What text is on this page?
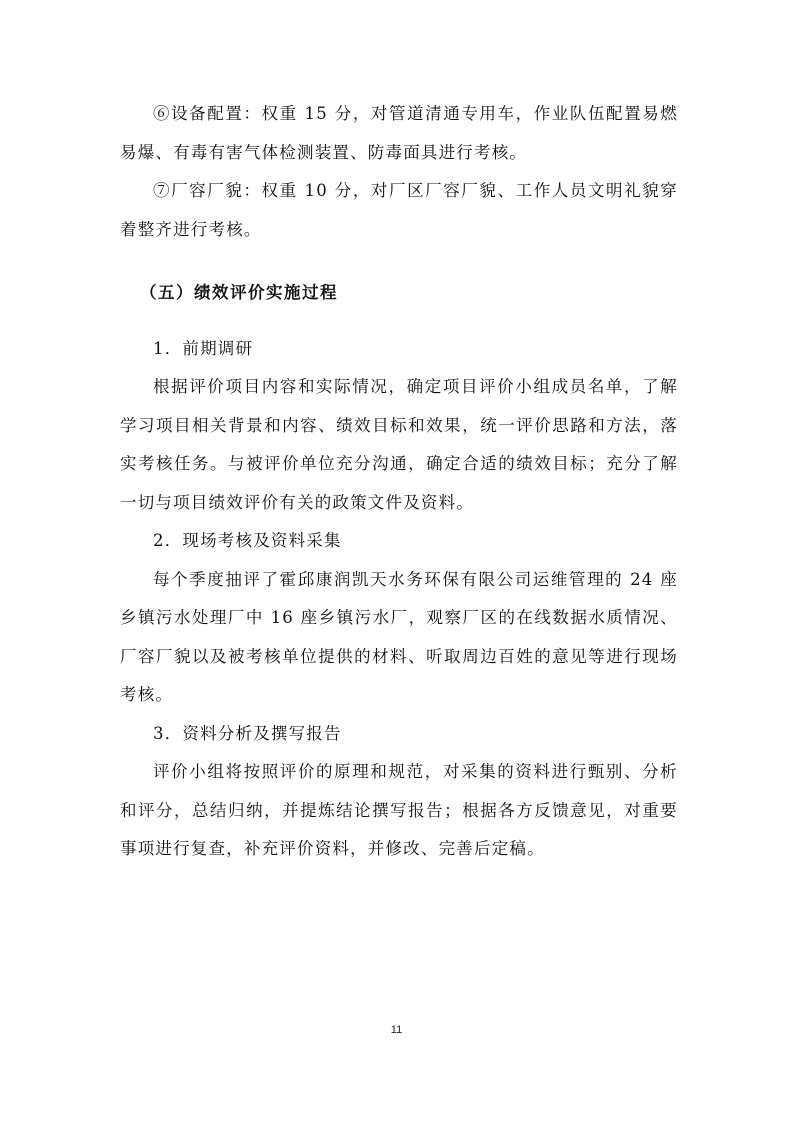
⑥设备配置：权重 15 分，对管道清通专用车，作业队伍配置易燃易爆、有毒有害气体检测装置、防毒面具进行考核。

⑦厂容厂貌：权重 10 分，对厂区厂容厂貌、工作人员文明礼貌穿着整齐进行考核。

（五）绩效评价实施过程

1．前期调研

根据评价项目内容和实际情况，确定项目评价小组成员名单，了解学习项目相关背景和内容、绩效目标和效果，统一评价思路和方法，落实考核任务。与被评价单位充分沟通，确定合适的绩效目标；充分了解一切与项目绩效评价有关的政策文件及资料。

2．现场考核及资料采集

每个季度抽评了霍邱康润凯天水务环保有限公司运维管理的 24 座乡镇污水处理厂中 16 座乡镇污水厂，观察厂区的在线数据水质情况、厂容厂貌以及被考核单位提供的材料、听取周边百姓的意见等进行现场考核。

3．资料分析及撰写报告

评价小组将按照评价的原理和规范，对采集的资料进行甄别、分析和评分，总结归纳，并提炼结论撰写报告；根据各方反馈意见，对重要事项进行复查，补充评价资料，并修改、完善后定稿。

11
